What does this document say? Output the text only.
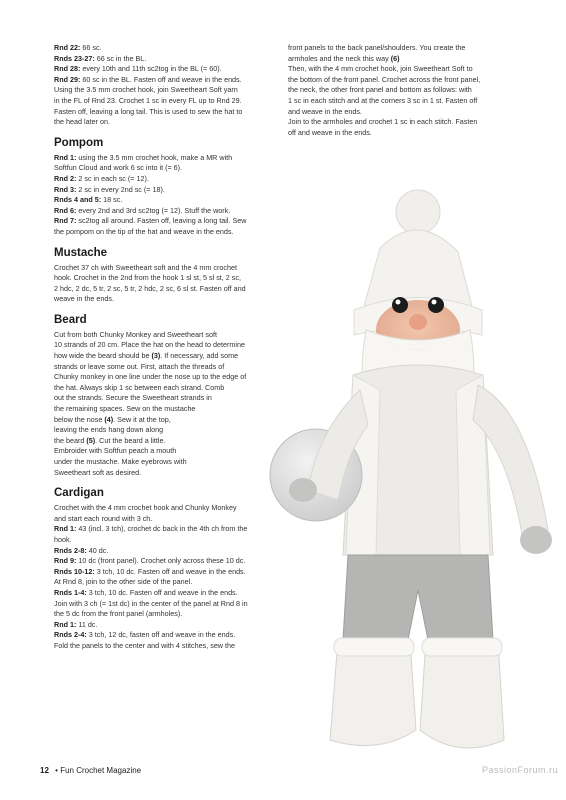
Rnd 22: 66 sc.
Rnds 23-27: 66 sc in the BL.
Rnd 28: every 10th and 11th sc2tog in the BL (= 60).
Rnd 29: 60 sc in the BL. Fasten off and weave in the ends.
Using the 3.5 mm crochet hook, join Sweetheart Soft yarn
in the FL of Rnd 23. Crochet 1 sc in every FL up to Rnd 29.
Fasten off, leaving a long tail. This is used to sew the hat to
the head later on.
Pompom
Rnd 1: using the 3.5 mm crochet hook, make a MR with
Softfun Cloud and work 6 sc into it (= 6).
Rnd 2: 2 sc in each sc (= 12).
Rnd 3: 2 sc in every 2nd sc (= 18).
Rnds 4 and 5: 18 sc.
Rnd 6: every 2nd and 3rd sc2tog (= 12). Stuff the work.
Rnd 7: sc2tog all around. Fasten off, leaving a long tail. Sew
the pompom on the tip of the hat and weave in the ends.
Mustache
Crochet 37 ch with Sweetheart soft and the 4 mm crochet
hook. Crochet in the 2nd from the hook 1 sl st, 5 sl st, 2 sc,
2 hdc, 2 dc, 5 tr, 2 sc, 5 tr, 2 hdc, 2 sc, 6 sl st. Fasten off and
weave in the ends.
Beard
Cut from both Chunky Monkey and Sweetheart soft
10 strands of 20 cm. Place the hat on the head to determine
how wide the beard should be (3). If necessary, add some
strands or leave some out. First, attach the threads of
Chunky monkey in one line under the nose up to the edge of
the hat. Always skip 1 sc between each strand. Comb
out the strands. Secure the Sweetheart strands in
the remaining spaces. Sew on the mustache
below the nose (4). Sew it at the top,
leaving the ends hang down along
the beard (5). Cut the beard a little.
Embroider with Softfun peach a mouth
under the mustache. Make eyebrows with
Sweetheart soft as desired.
Cardigan
Crochet with the 4 mm crochet hook and Chunky Monkey
and start each round with 3 ch.
Rnd 1: 43 (incl. 3 tch), crochet dc back in the 4th ch from the
hook.
Rnds 2-8: 40 dc.
Rnd 9: 10 dc (front panel). Crochet only across these 10 dc.
Rnds 10-12: 3 tch, 10 dc. Fasten off and weave in the ends.
At Rnd 8, join to the other side of the panel.
Rnds 1-4: 3 tch, 10 dc. Fasten off and weave in the ends.
Join with 3 ch (= 1st dc) in the center of the panel at Rnd 8 in
the 5 dc from the front panel (armholes).
Rnd 1: 11 dc.
Rnds 2-4: 3 tch, 12 dc, fasten off and weave in the ends.
Fold the panels to the center and with 4 stitches, sew the
front panels to the back panel/shoulders. You create the
armholes and the neck this way (6)
Then, with the 4 mm crochet hook, join Sweetheart Soft to
the bottom of the front panel. Crochet across the front panel,
the neck, the other front panel and bottom as follows: with
1 sc in each stitch and at the corners 3 sc in 1 st. Fasten off
and weave in the ends.
Join to the armholes and crochet 1 sc in each stitch. Fasten
off and weave in the ends.
12 • Fun Crochet Magazine	PassionForum.ru
